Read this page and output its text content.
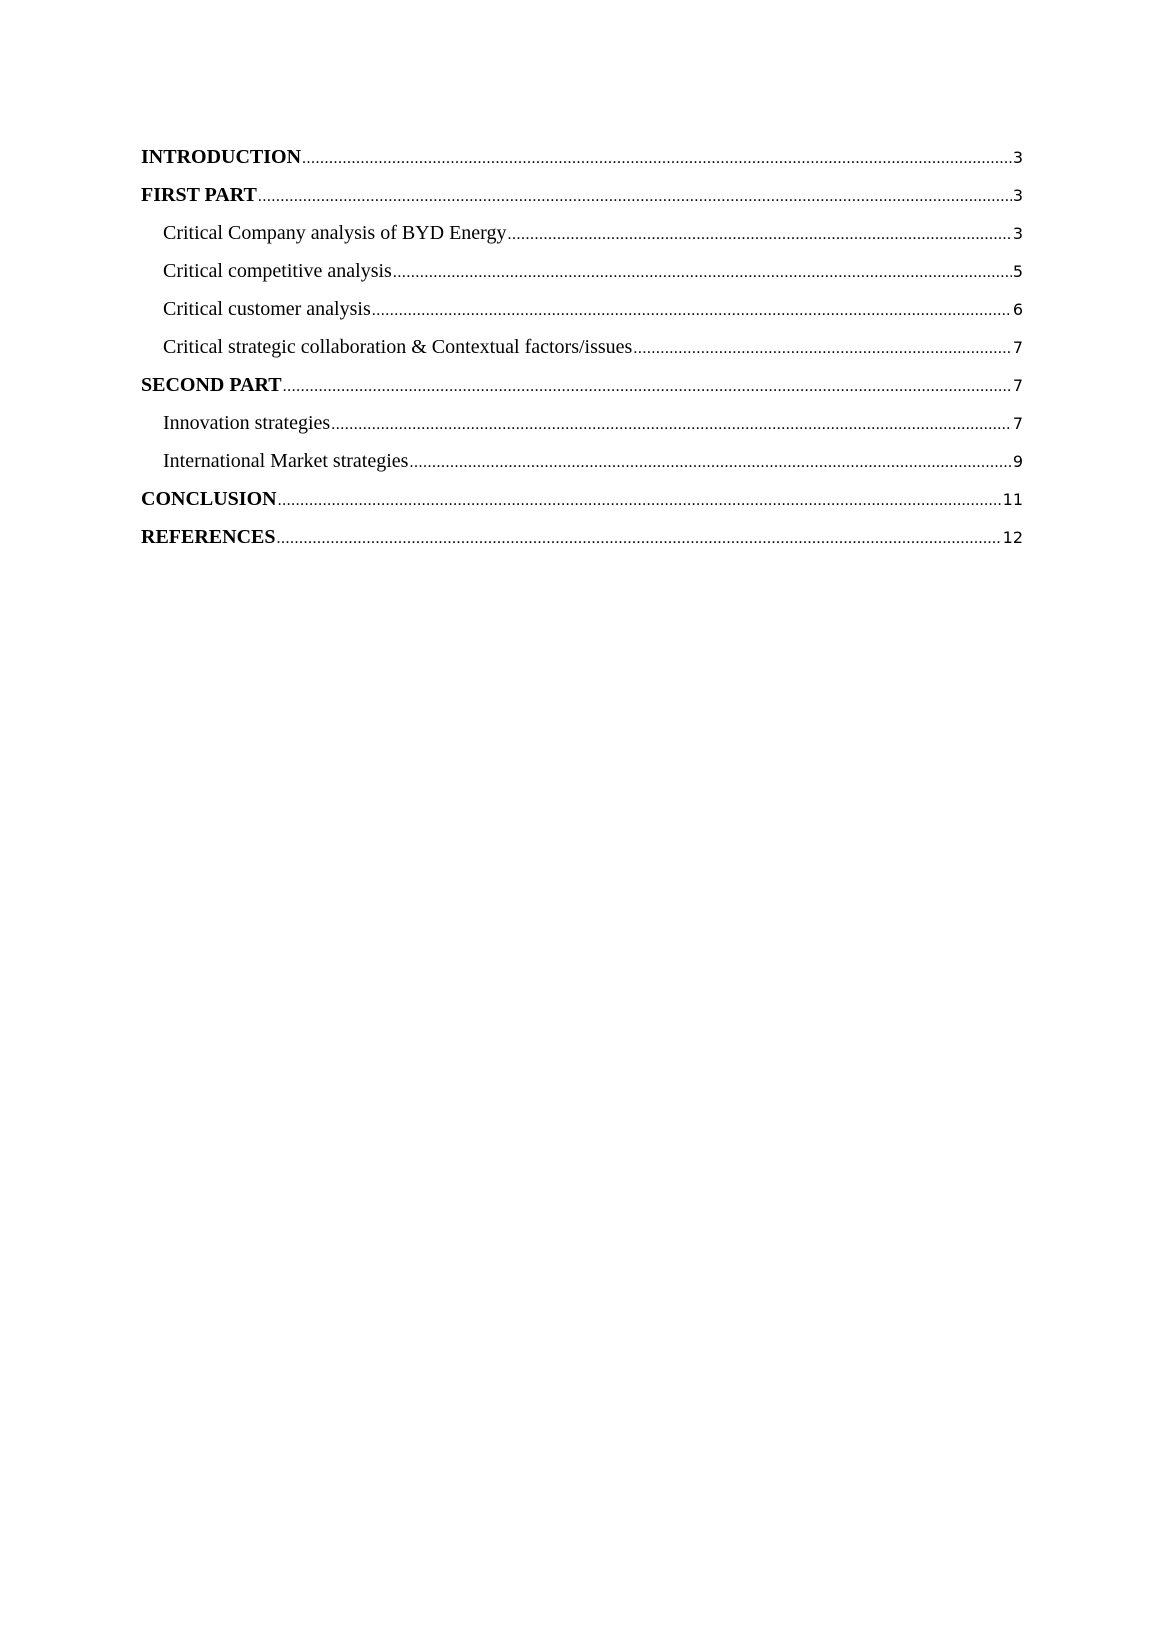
INTRODUCTION .....	3
FIRST PART .....	3
Critical Company analysis of BYD Energy .....	3
Critical competitive analysis .....	5
Critical customer analysis .....	6
Critical strategic collaboration & Contextual factors/issues .....	7
SECOND PART .....	7
Innovation strategies .....	7
International Market strategies .....	9
CONCLUSION .....	11
REFERENCES .....	12
